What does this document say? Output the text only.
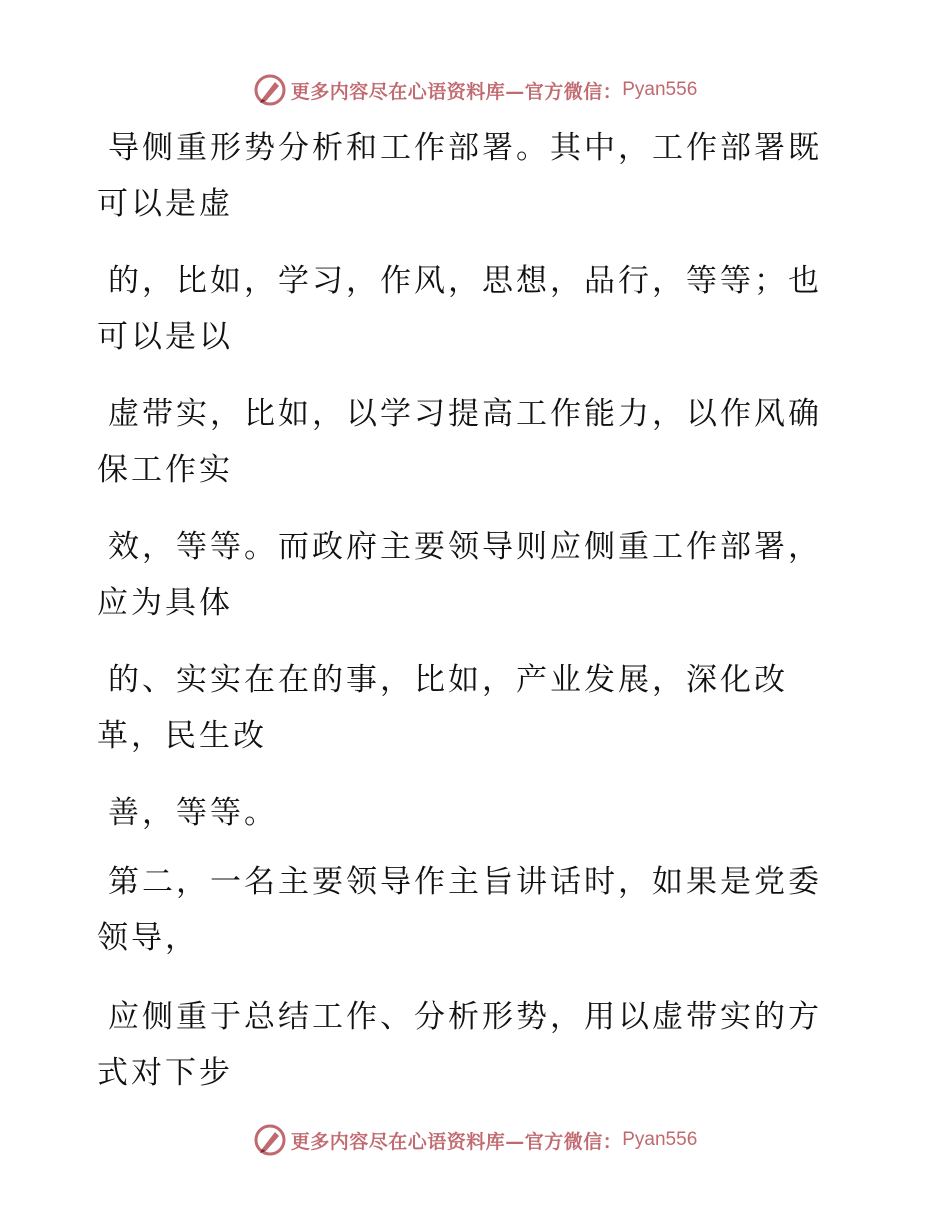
更多内容尽在心语资料库—官方微信： Pyan556
导侧重形势分析和工作部署。其中，工作部署既
可以是虚
的，比如，学习，作风，思想，品行，等等；也
可以是以
虚带实，比如，以学习提高工作能力，以作风确
保工作实
效，等等。而政府主要领导则应侧重工作部署，
应为具体
的、实实在在的事，比如，产业发展，深化改
革，民生改
善，等等。
第二，一名主要领导作主旨讲话时，如果是党委
领导，
应侧重于总结工作、分析形势，用以虚带实的方
式对下步
更多内容尽在心语资料库—官方微信： Pyan556
